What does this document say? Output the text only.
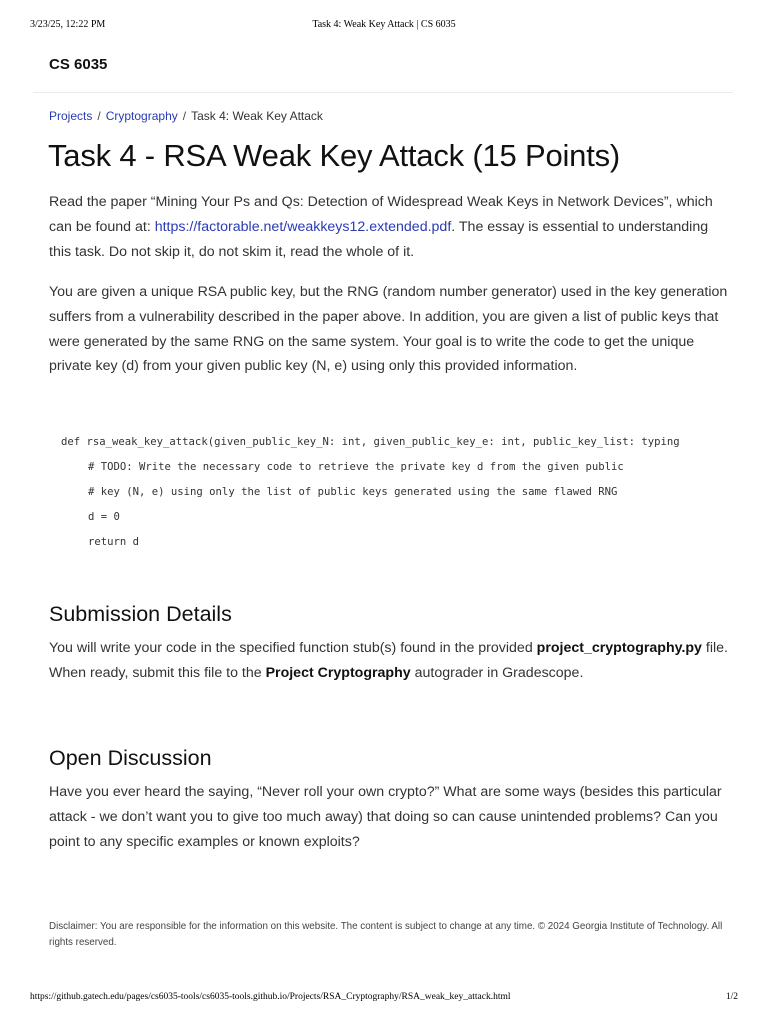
3/23/25, 12:22 PM	Task 4: Weak Key Attack | CS 6035
CS 6035
Projects / Cryptography / Task 4: Weak Key Attack
Task 4 - RSA Weak Key Attack (15 Points)

Read the paper “Mining Your Ps and Qs: Detection of Widespread Weak Keys in Network Devices”, which can be found at: https://factorable.net/weakkeys12.extended.pdf. The essay is essential to understanding this task. Do not skip it, do not skim it, read the whole of it.

You are given a unique RSA public key, but the RNG (random number generator) used in the key generation suffers from a vulnerability described in the paper above. In addition, you are given a list of public keys that were generated by the same RNG on the same system. Your goal is to write the code to get the unique private key (d) from your given public key (N, e) using only this provided information.

def rsa_weak_key_attack(given_public_key_N: int, given_public_key_e: int, public_key_list: typing
# TODO: Write the necessary code to retrieve the private key d from the given public
# key (N, e) using only the list of public keys generated using the same flawed RNG
d = 0
return d
Submission Details

You will write your code in the specified function stub(s) found in the provided project_cryptography.py file. When ready, submit this file to the Project Cryptography autograder in Gradescope.

Open Discussion

Have you ever heard the saying, “Never roll your own crypto?” What are some ways (besides this particular attack - we don’t want you to give too much away) that doing so can cause unintended problems? Can you point to any specific examples or known exploits?

Disclaimer: You are responsible for the information on this website. The content is subject to change at any time. © 2024 Georgia Institute of Technology. All rights reserved.

https://github.gatech.edu/pages/cs6035-tools/cs6035-tools.github.io/Projects/RSA_Cryptography/RSA_weak_key_attack.html	1/2
